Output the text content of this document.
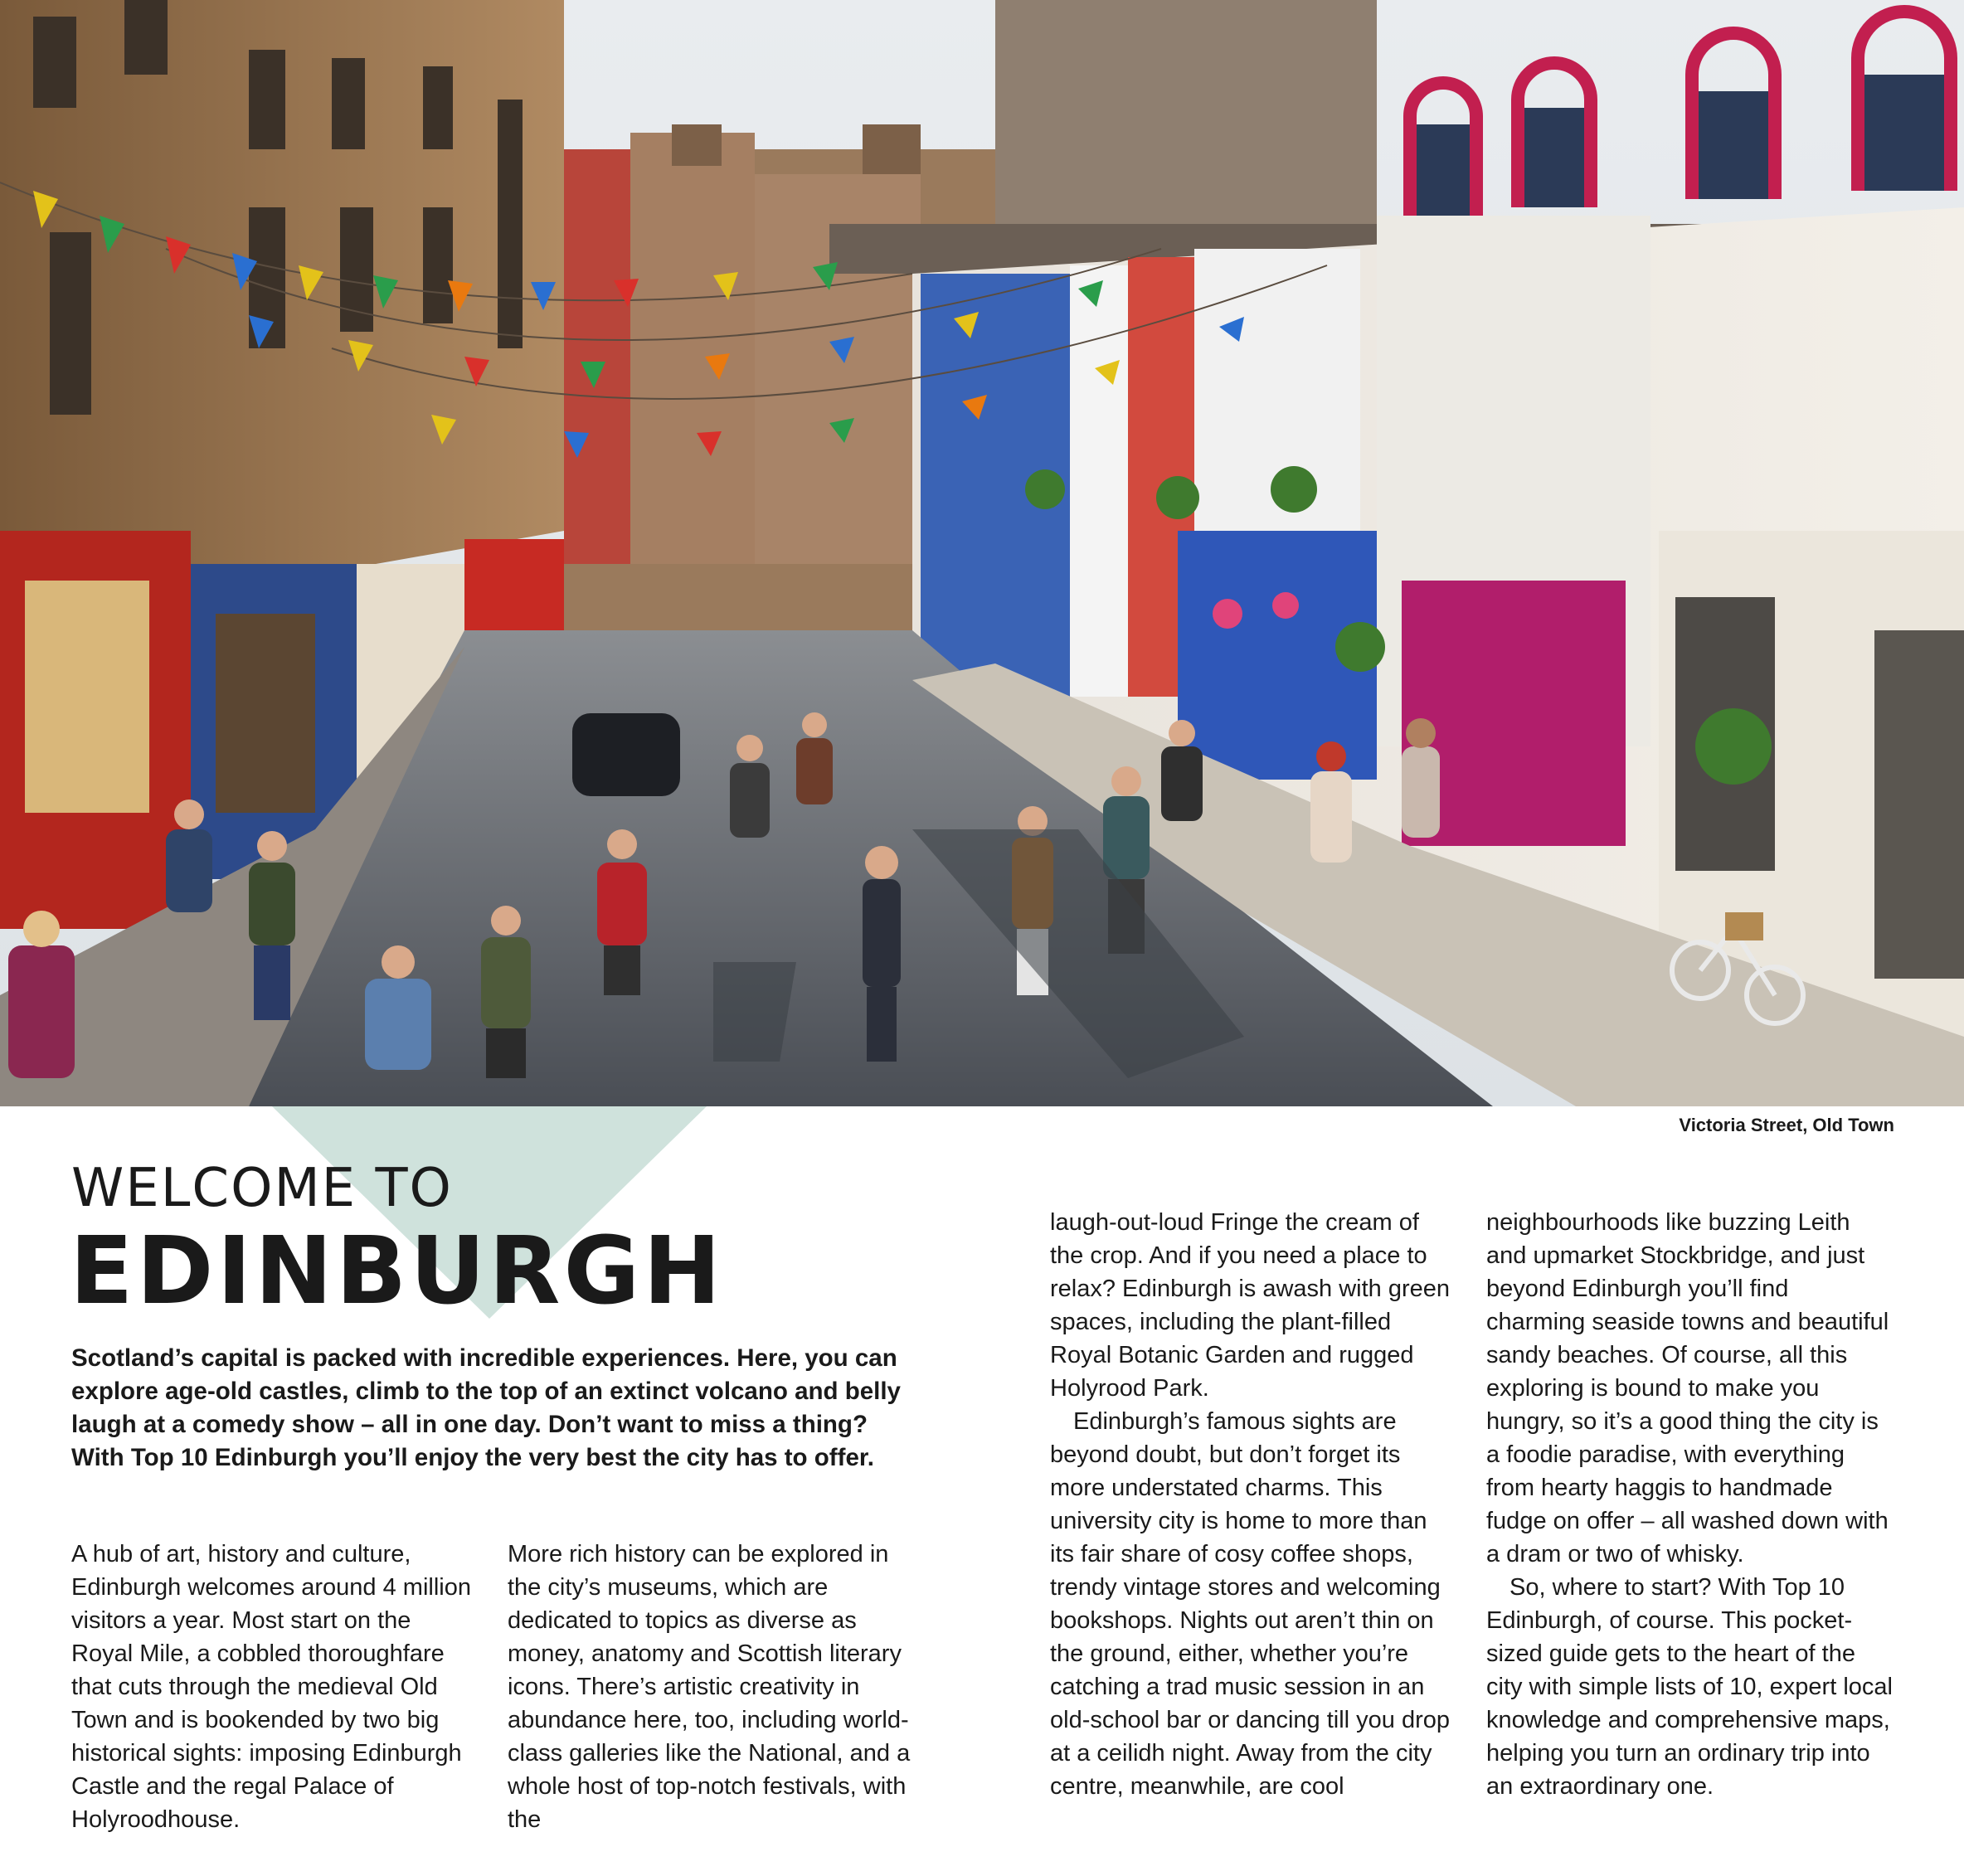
Victoria Street, Old Town
WELCOME TO
EDINBURGH
Scotland’s capital is packed with incredible experiences. Here, you can explore age-old castles, climb to the top of an extinct volcano and belly laugh at a comedy show – all in one day. Don’t want to miss a thing? With Top 10 Edinburgh you’ll enjoy the very best the city has to offer.

A hub of art, history and culture, Edinburgh welcomes around 4 million visitors a year. Most start on the Royal Mile, a cobbled thoroughfare that cuts through the medieval Old Town and is bookended by two big historical sights: imposing Edinburgh Castle and the regal Palace of Holyroodhouse.

More rich history can be explored in the city’s museums, which are dedicated to topics as diverse as money, anatomy and Scottish literary icons. There’s artistic creativity in abundance here, too, including world-class galleries like the National, and a whole host of top-notch festivals, with the

laugh-out-loud Fringe the cream of the crop. And if you need a place to relax? Edinburgh is awash with green spaces, including the plant-filled Royal Botanic Garden and rugged Holyrood Park.

Edinburgh’s famous sights are beyond doubt, but don’t forget its more understated charms. This university city is home to more than its fair share of cosy coffee shops, trendy vintage stores and welcoming bookshops. Nights out aren’t thin on the ground, either, whether you’re catching a trad music session in an old-school bar or dancing till you drop at a ceilidh night. Away from the city centre, meanwhile, are cool

neighbourhoods like buzzing Leith and upmarket Stockbridge, and just beyond Edinburgh you’ll find charming seaside towns and beautiful sandy beaches. Of course, all this exploring is bound to make you hungry, so it’s a good thing the city is a foodie paradise, with everything from hearty haggis to handmade fudge on offer – all washed down with a dram or two of whisky.

So, where to start? With Top 10 Edinburgh, of course. This pocket-sized guide gets to the heart of the city with simple lists of 10, expert local knowledge and comprehensive maps, helping you turn an ordinary trip into an extraordinary one.
